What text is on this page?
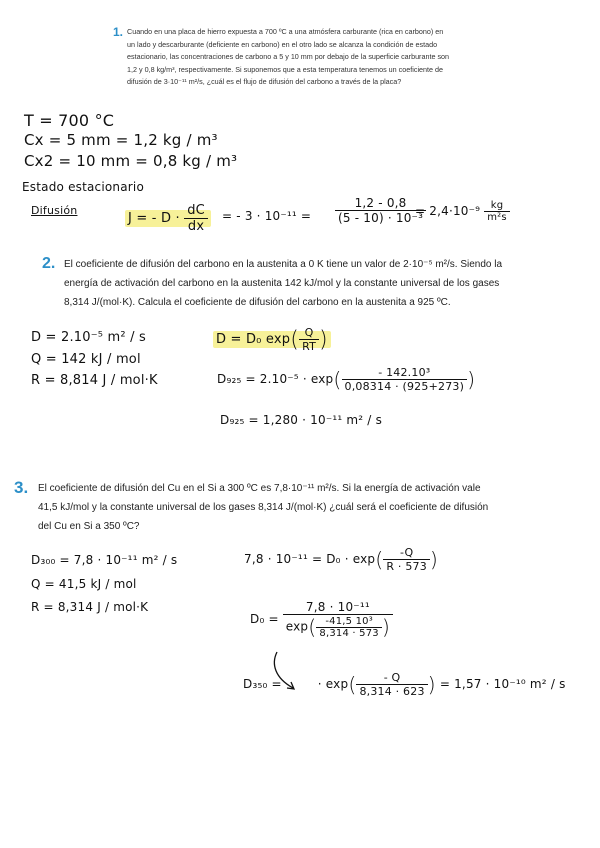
1. Cuando en una placa de hierro expuesta a 700 ºC a una atmósfera carburante (rica en carbono) en
un lado y descarburante (deficiente en carbono) en el otro lado se alcanza la condición de estado
estacionario, las concentraciones de carbono a 5 y 10 mm por debajo de la superficie carburante son
1,2 y 0,8 kg/m³, respectivamente. Si suponemos que a esta temperatura tenemos un coeficiente de
difusión de 3·10⁻¹¹ m²/s, ¿cuál es el flujo de difusión del carbono a través de la placa?
T = 700 °C
Cx = 5 mm = 1,2 kg / m³
Cx2 = 10 mm = 0,8 kg / m³
Estado estacionario
Difusión
J = - $D \cdot \frac{dC}{dx}$ = - $3 \cdot 10^{-11} = \frac{1,2 - 0,8}{\text{(5 - 10) · 10⁻³}}$
= $2,4\cdot 10^{-9} \frac{kg}{\text{m²s}}$
2. El coeficiente de difusión del carbono en la austenita a 0 K tiene un valor de 2·10⁻⁵ m²/s. Siendo la
energía de activación del carbono en la austenita 142 kJ/mol y la constante universal de los gases
8,314 J/(mol·K). Calcula el coeficiente de difusión del carbono en la austenita a 925 ºC.
D = 2.10⁻⁵ m² / s
Q = 142 kJ / mol
R = 8,814 J / mol·K
D = D₀ $\exp( \frac{Q}{RT}$ )
$D_{925} = 2.10^{-5} \cdot \exp( \frac{\text{- 142.10³}}{0,08314 \cdot (925+273)}$ )
D₉₂₅ = 1,280 · 10⁻¹¹ m² / s
3. El coeficiente de difusión del Cu en el Si a 300 ºC es 7,8·10⁻¹¹ m²/s. Si la energía de activación vale
41,5 kJ/mol y la constante universal de los gases 8,314 J/(mol·K) ¿cuál será el coeficiente de difusión
del Cu en Si a 350 ºC?
D₃₀₀ = 7,8 · 10⁻¹¹ m² / s
Q = 41,5 kJ / mol
R = 8,314 J / mol·K
$7,8 \cdot 10^{-11} = D_0 \cdot \exp( \frac{-Q}{R \cdot 573}$ )
$D_0 = \frac{\text{7,8 · 10⁻¹¹}}{\exp( \frac{\text{-41,5 10³}}{8,314 \cdot 573} )}$
D₃₅₀ =	· $\exp( \frac{- Q}{8,314 \cdot 623}$ ) = 1,57 · 10⁻¹⁰ m² / s
